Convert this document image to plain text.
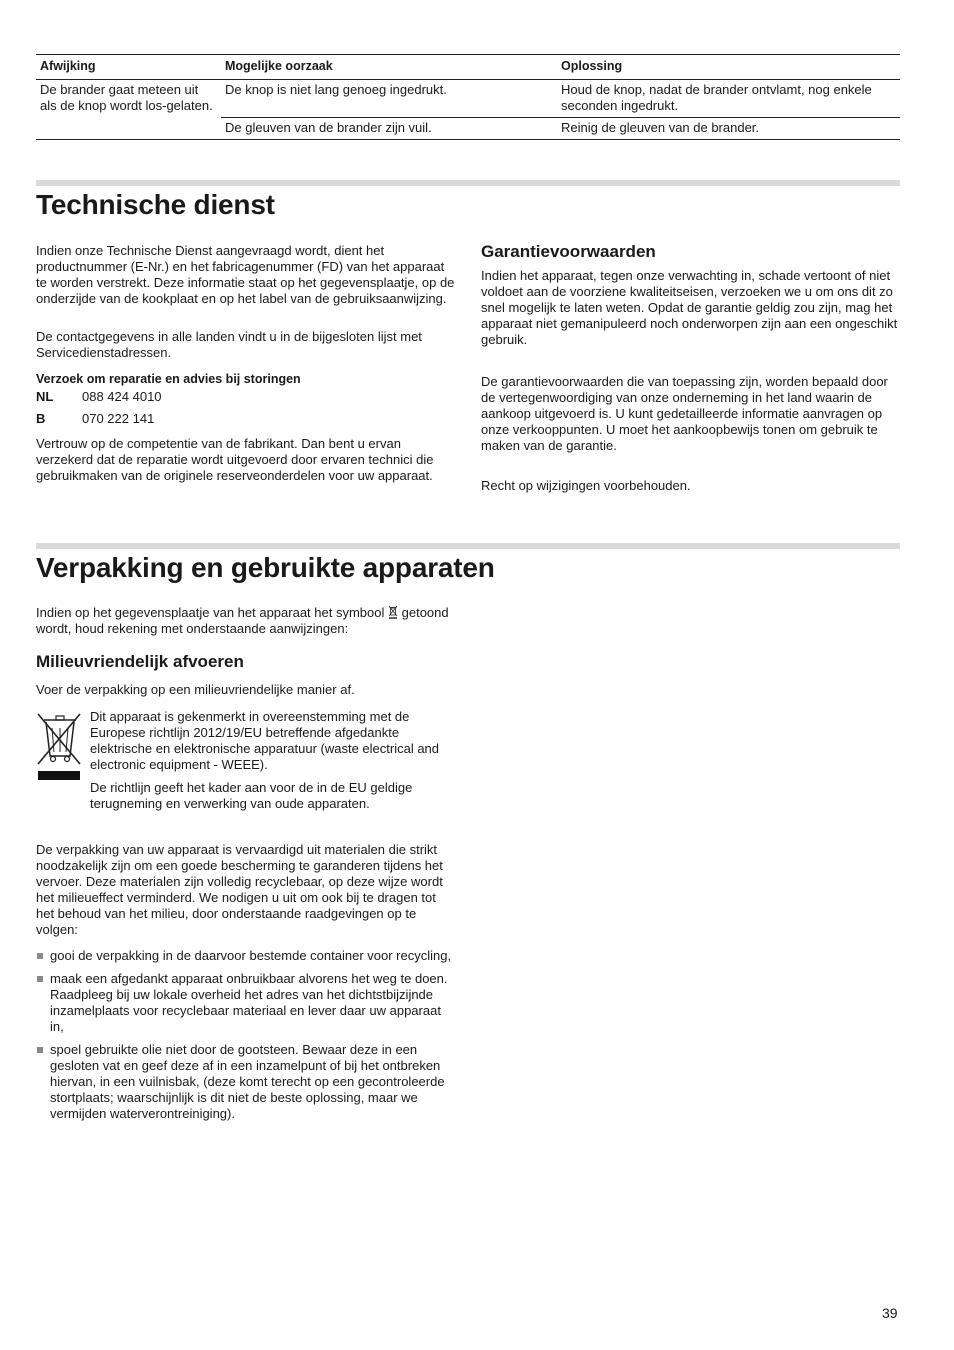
Afwijking	Mogelijke oorzaak	Oplossing
De brander gaat meteen uit als de knop wordt los-gelaten.	De knop is niet lang genoeg ingedrukt.	Houd de knop, nadat de brander ontvlamt, nog enkele seconden ingedrukt.
	De gleuven van de brander zijn vuil.	Reinig de gleuven van de brander.
Technische dienst

Indien onze Technische Dienst aangevraagd wordt, dient het productnummer (E-Nr.) en het fabricagenummer (FD) van het apparaat te worden verstrekt. Deze informatie staat op het gegevensplaatje, op de onderzijde van de kookplaat en op het label van de gebruiksaanwijzing.

De contactgegevens in alle landen vindt u in de bijgesloten lijst met Servicedienstadressen.

Verzoek om reparatie en advies bij storingen

NL 088 424 4010
B	070 222 141

Vertrouw op de competentie van de fabrikant. Dan bent u ervan verzekerd dat de reparatie wordt uitgevoerd door ervaren technici die gebruikmaken van de originele reserveonderdelen voor uw apparaat.

Garantievoorwaarden

Indien het apparaat, tegen onze verwachting in, schade vertoont of niet voldoet aan de voorziene kwaliteitseisen, verzoeken we u om ons dit zo snel mogelijk te laten weten. Opdat de garantie geldig zou zijn, mag het apparaat niet gemanipuleerd noch onderworpen zijn aan een ongeschikt gebruik.

De garantievoorwaarden die van toepassing zijn, worden bepaald door de vertegenwoordiging van onze onderneming in het land waarin de aankoop uitgevoerd is. U kunt gedetailleerde informatie aanvragen op onze verkooppunten. U moet het aankoopbewijs tonen om gebruik te maken van de garantie.

Recht op wijzigingen voorbehouden.

Verpakking en gebruikte apparaten

Indien op het gegevensplaatje van het apparaat het symbool getoond wordt, houd rekening met onderstaande aanwijzingen:

Milieuvriendelijk afvoeren

Voer de verpakking op een milieuvriendelijke manier af.

Dit apparaat is gekenmerkt in overeenstemming met de Europese richtlijn 2012/19/EU betreffende afgedankte elektrische en elektronische apparatuur (waste electrical and electronic equipment - WEEE).

De richtlijn geeft het kader aan voor de in de EU geldige terugneming en verwerking van oude apparaten.

De verpakking van uw apparaat is vervaardigd uit materialen die strikt noodzakelijk zijn om een goede bescherming te garanderen tijdens het vervoer. Deze materialen zijn volledig recyclebaar, op deze wijze wordt het milieueffect verminderd. We nodigen u uit om ook bij te dragen tot het behoud van het milieu, door onderstaande raadgevingen op te volgen:

gooi de verpakking in de daarvoor bestemde container voor recycling,
maak een afgedankt apparaat onbruikbaar alvorens het weg te doen. Raadpleeg bij uw lokale overheid het adres van het dichtstbijzijnde inzamelplaats voor recyclebaar materiaal en lever daar uw apparaat in,
spoel gebruikte olie niet door de gootsteen. Bewaar deze in een gesloten vat en geef deze af in een inzamelpunt of bij het ontbreken hiervan, in een vuilnisbak, (deze komt terecht op een gecontroleerde stortplaats; waarschijnlijk is dit niet de beste oplossing, maar we vermijden waterverontreiniging).
39
